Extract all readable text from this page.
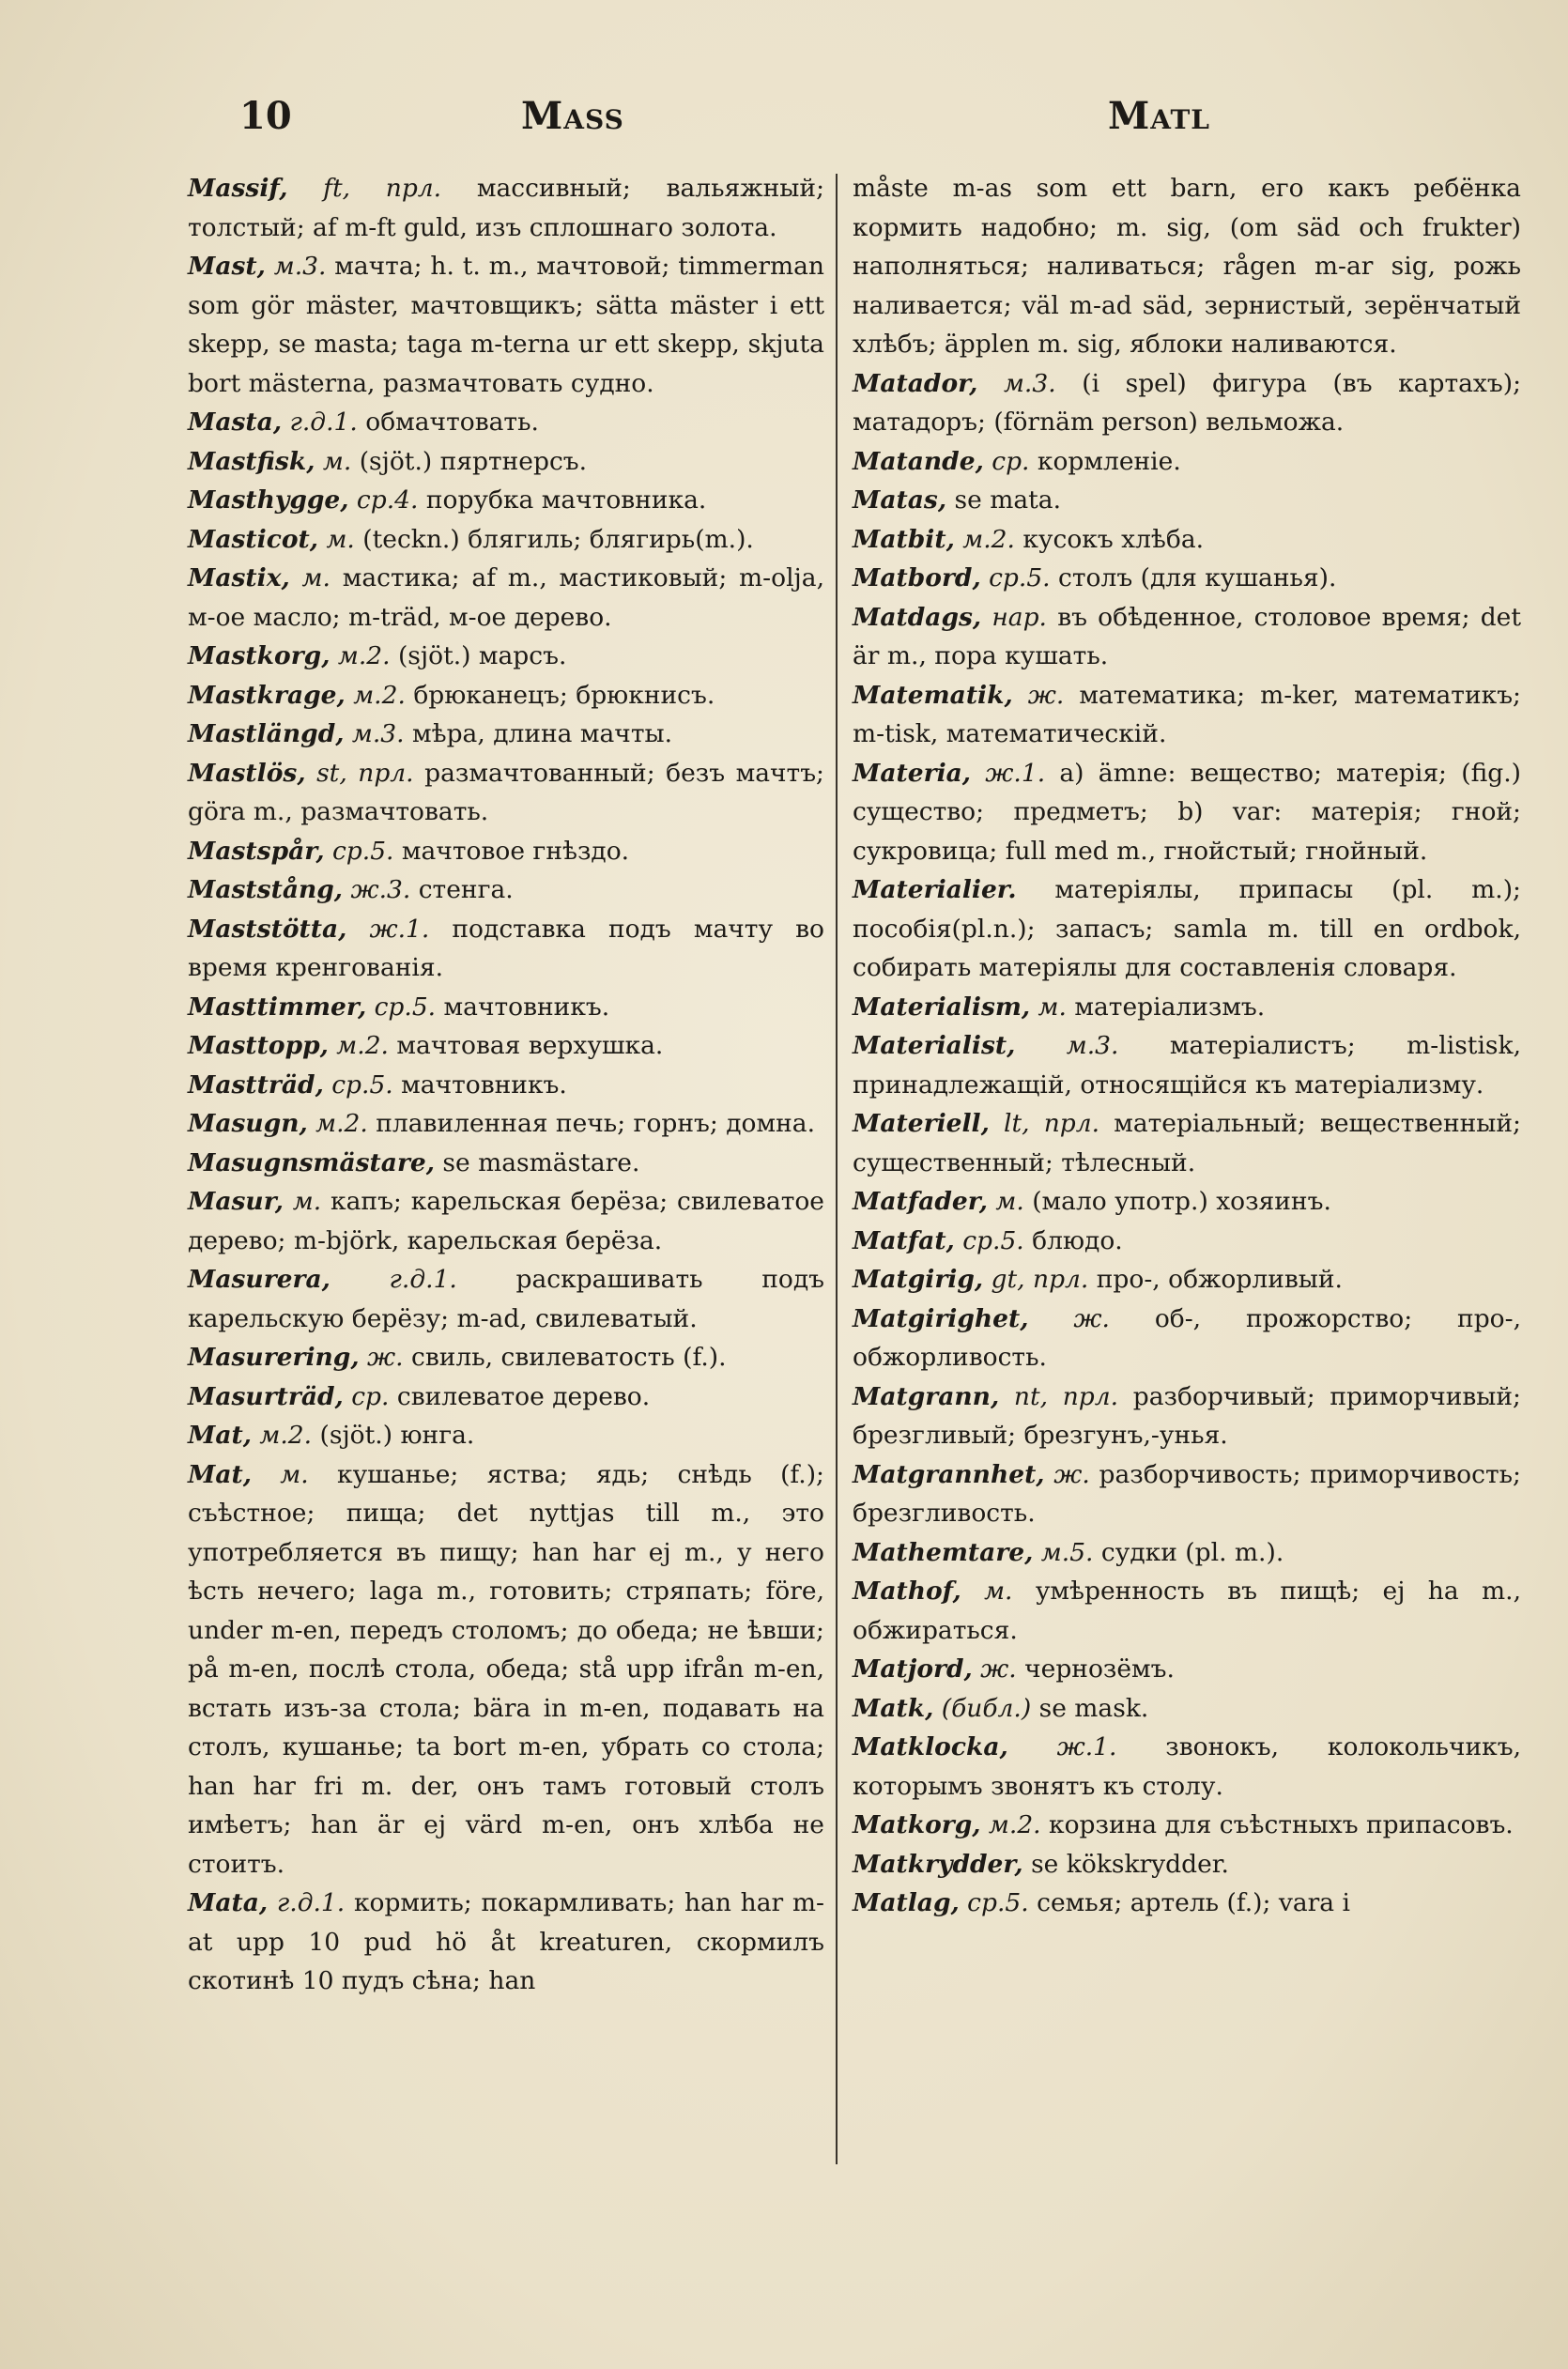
10	Mass	Matl

Massif, ft, прл. массивный; вальяжный; толстый; af m-ft guld, изъ сплошнаго золота.

Mast, м.3. мачта; h. t. m., мачтовой; timmerman som gör mäster, мачтовщикъ; sätta mäster i ett skepp, se masta; taga m-terna ur ett skepp, skjuta bort mästerna, размачтовать судно.

Masta, г.д.1. обмачтовать.

Mastfisk, м. (sjöt.) пяртнерсъ.

Masthygge, ср.4. порубка мачтовника.

Masticot, м. (teckn.) блягиль; блягирь(m.).

Mastix, м. мастика; af m., мастиковый; m-olja, м-ое масло; m-träd, м-ое дерево.

Mastkorg, м.2. (sjöt.) марсъ.

Mastkrage, м.2. брюканецъ; брюкнисъ.

Mastlängd, м.3. мѣра, длина мачты.

Mastlös, st, прл. размачтованный; безъ мачтъ; göra m., размачтовать.

Mastspår, ср.5. мачтовое гнѣздо.

Maststång, ж.3. стенга.

Maststötta, ж.1. подставка подъ мачту во время кренгованія.

Masttimmer, ср.5. мачтовникъ.

Masttopp, м.2. мачтовая верхушка.

Mastträd, ср.5. мачтовникъ.

Masugn, м.2. плавиленная печь; горнъ; домна.

Masugnsmästare, se masmästare.

Masur, м. капъ; карельская берёза; свилеватое дерево; m-björk, карельская берёза.

Masurera, г.д.1. раскрашивать подъ карельскую берёзу; m-ad, свилеватый.

Masurering, ж. свиль, свилеватость (f.).

Masurträd, ср. свилеватое дерево.

Mat, м.2. (sjöt.) юнга.

Mat, м. кушанье; яства; ядь; снѣдь (f.); съѣстное; пища; det nyttjas till m., это употребляется въ пищу; han har ej m., у него ѣсть нечего; laga m., готовить; стряпать; före, under m-en, передъ столомъ; до обеда; не ѣвши; på m-en, послѣ стола, обеда; stå upp ifrån m-en, встать изъ-за стола; bära in m-en, подавать на столъ, кушанье; ta bort m-en, убрать со стола; han har fri m. der, онъ тамъ готовый столъ имѣетъ; han är ej värd m-en, онъ хлѣба не стоитъ.

Mata, г.д.1. кормить; покармливать; han har m-at upp 10 pud hö åt kreaturen, скормилъ скотинѣ 10 пудъ сѣна; han

måste m-as som ett barn, его какъ ребёнка кормить надобно; m. sig, (om säd och frukter) наполняться; наливаться; rågen m-ar sig, рожь наливается; väl m-ad säd, зернистый, зерёнчатый хлѣбъ; äpplen m. sig, яблоки наливаются.

Matador, м.3. (i spel) фигура (въ картахъ); матадоръ; (förnäm person) вельможа.

Matande, ср. кормленіе.

Matas, se mata.

Matbit, м.2. кусокъ хлѣба.

Matbord, ср.5. столъ (для кушанья).

Matdags, нар. въ обѣденное, столовое время; det är m., пора кушать.

Matematik, ж. математика; m-ker, математикъ; m-tisk, математическій.

Materia, ж.1. a) ämne: вещество; матерія; (fig.) существо; предметъ; b) var: матерія; гной; сукровица; full med m., гнойстый; гнойный.

Materialier. матеріялы, припасы (pl. m.); пособія(pl.n.); запасъ; samla m. till en ordbok, собирать матеріялы для составленія словаря.

Materialism, м. матеріализмъ.

Materialist, м.3. матеріалистъ; m-listisk, принадлежащій, относящійся къ матеріализму.

Materiell, lt, прл. матеріальный; вещественный; существенный; тѣлесный.

Matfader, м. (мало употр.) хозяинъ.

Matfat, ср.5. блюдо.

Matgirig, gt, прл. про-, обжорливый.

Matgirighet, ж. об-, прожорство; про-, обжорливость.

Matgrann, nt, прл. разборчивый; приморчивый; брезгливый; брезгунъ,-унья.

Matgrannhet, ж. разборчивость; приморчивость; брезгливость.

Mathemtare, м.5. судки (pl. m.).

Mathof, м. умѣренность въ пищѣ; ej ha m., обжираться.

Matjord, ж. чернозёмъ.

Matk, (библ.) se mask.

Matklocka, ж.1. звонокъ, колокольчикъ, которымъ звонятъ къ столу.

Matkorg, м.2. корзина для съѣстныхъ припасовъ.

Matkrydder, se kökskrydder.

Matlag, ср.5. семья; артель (f.); vara i
